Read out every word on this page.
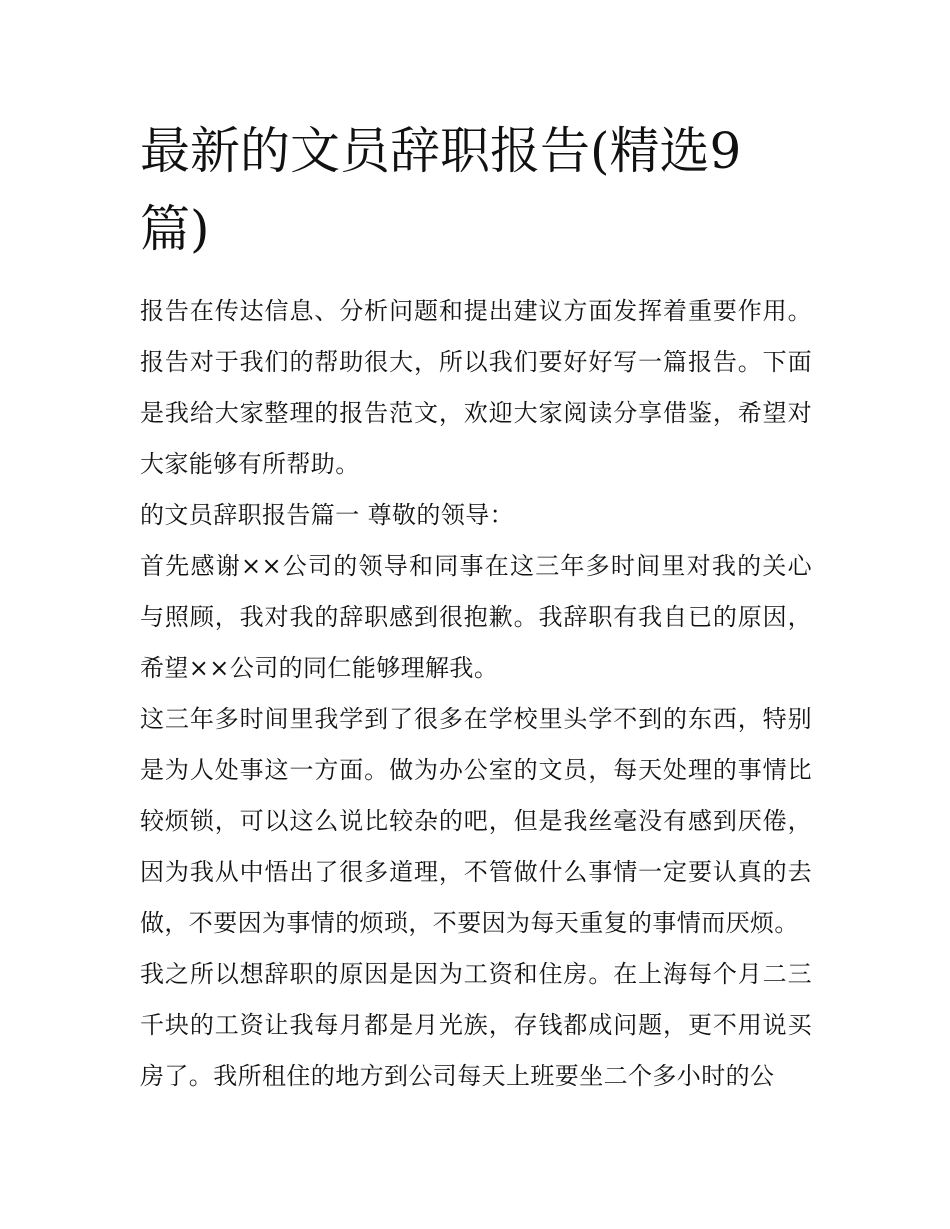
最新的文员辞职报告(精选9篇)

报告在传达信息、分析问题和提出建议方面发挥着重要作用。报告对于我们的帮助很大，所以我们要好好写一篇报告。下面是我给大家整理的报告范文，欢迎大家阅读分享借鉴，希望对大家能够有所帮助。

的文员辞职报告篇一 尊敬的领导：

首先感谢××公司的领导和同事在这三年多时间里对我的关心与照顾，我对我的辞职感到很抱歉。我辞职有我自已的原因，希望××公司的同仁能够理解我。

这三年多时间里我学到了很多在学校里头学不到的东西，特别是为人处事这一方面。做为办公室的文员，每天处理的事情比较烦锁，可以这么说比较杂的吧，但是我丝毫没有感到厌倦，因为我从中悟出了很多道理，不管做什么事情一定要认真的去做，不要因为事情的烦琐，不要因为每天重复的事情而厌烦。

我之所以想辞职的原因是因为工资和住房。在上海每个月二三千块的工资让我每月都是月光族，存钱都成问题，更不用说买房了。我所租住的地方到公司每天上班要坐二个多小时的公
